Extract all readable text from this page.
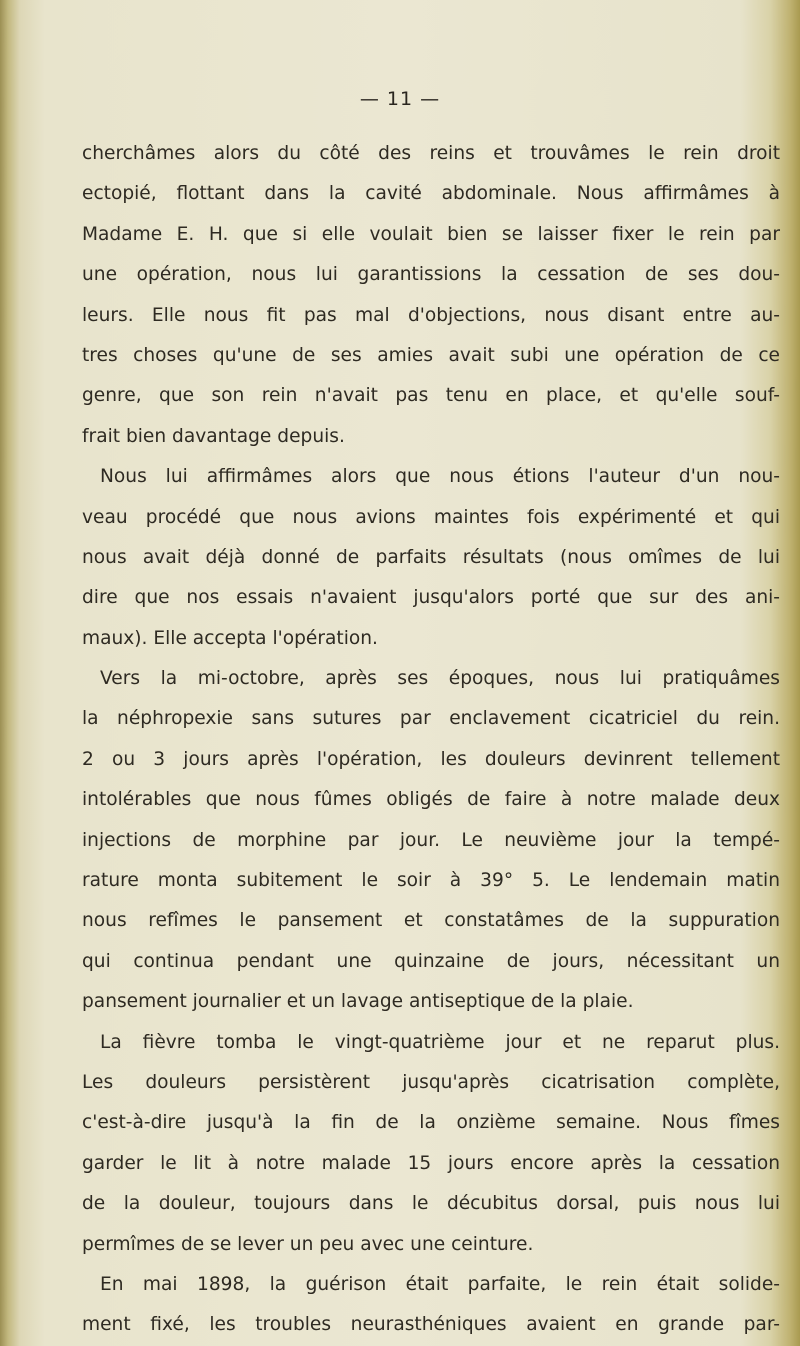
— 11 —
cherchâmes alors du côté des reins et trouvâmes le rein droit
ectopié, flottant dans la cavité abdominale. Nous affirmâmes à
Madame E. H. que si elle voulait bien se laisser fixer le rein par
une opération, nous lui garantissions la cessation de ses dou-
leurs. Elle nous fit pas mal d'objections, nous disant entre au-
tres choses qu'une de ses amies avait subi une opération de ce
genre, que son rein n'avait pas tenu en place, et qu'elle souf-
frait bien davantage depuis.
Nous lui affirmâmes alors que nous étions l'auteur d'un nou-
veau procédé que nous avions maintes fois expérimenté et qui
nous avait déjà donné de parfaits résultats (nous omîmes de lui
dire que nos essais n'avaient jusqu'alors porté que sur des ani-
maux). Elle accepta l'opération.
Vers la mi-octobre, après ses époques, nous lui pratiquâmes
la néphropexie sans sutures par enclavement cicatriciel du rein.
2 ou 3 jours après l'opération, les douleurs devinrent tellement
intolérables que nous fûmes obligés de faire à notre malade deux
injections de morphine par jour. Le neuvième jour la tempé-
rature monta subitement le soir à 39° 5. Le lendemain matin
nous refîmes le pansement et constatâmes de la suppuration
qui continua pendant une quinzaine de jours, nécessitant un
pansement journalier et un lavage antiseptique de la plaie.
La fièvre tomba le vingt-quatrième jour et ne reparut plus.
Les douleurs persistèrent jusqu'après cicatrisation complète,
c'est-à-dire jusqu'à la fin de la onzième semaine. Nous fîmes
garder le lit à notre malade 15 jours encore après la cessation
de la douleur, toujours dans le décubitus dorsal, puis nous lui
permîmes de se lever un peu avec une ceinture.
En mai 1898, la guérison était parfaite, le rein était solide-
ment fixé, les troubles neurasthéniques avaient en grande par-
